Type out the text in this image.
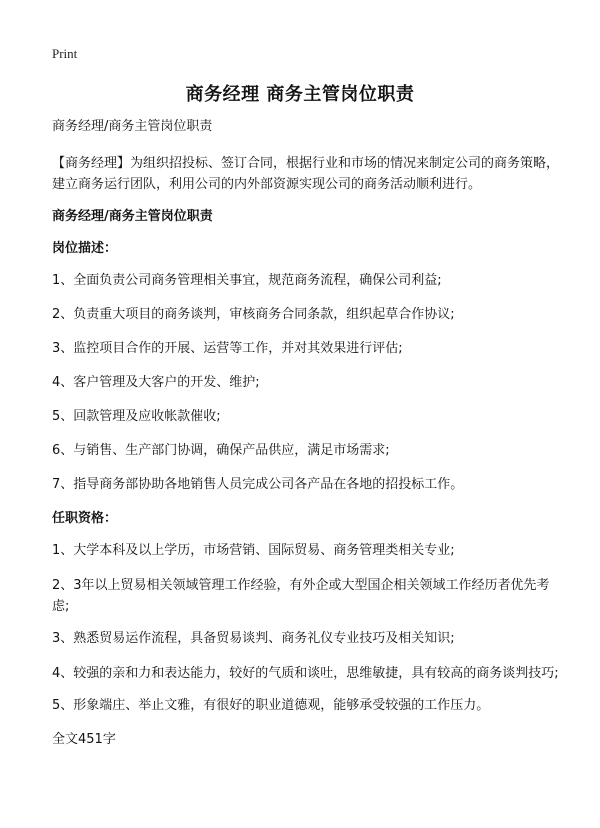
Print
商务经理 商务主管岗位职责

商务经理/商务主管岗位职责

【商务经理】为组织招投标、签订合同，根据行业和市场的情况来制定公司的商务策略，建立商务运行团队，利用公司的内外部资源实现公司的商务活动顺利进行。

商务经理/商务主管岗位职责

岗位描述：

1、全面负责公司商务管理相关事宜，规范商务流程，确保公司利益;
2、负责重大项目的商务谈判，审核商务合同条款，组织起草合作协议;
3、监控项目合作的开展、运营等工作，并对其效果进行评估;
4、客户管理及大客户的开发、维护;
5、回款管理及应收帐款催收;
6、与销售、生产部门协调，确保产品供应，满足市场需求;
7、指导商务部协助各地销售人员完成公司各产品在各地的招投标工作。

任职资格：

1、大学本科及以上学历，市场营销、国际贸易、商务管理类相关专业;
2、3年以上贸易相关领域管理工作经验，有外企或大型国企相关领域工作经历者优先考虑;
3、熟悉贸易运作流程，具备贸易谈判、商务礼仪专业技巧及相关知识;
4、较强的亲和力和表达能力，较好的气质和谈吐，思维敏捷，具有较高的商务谈判技巧;
5、形象端庄、举止文雅，有很好的职业道德观，能够承受较强的工作压力。

全文451字
